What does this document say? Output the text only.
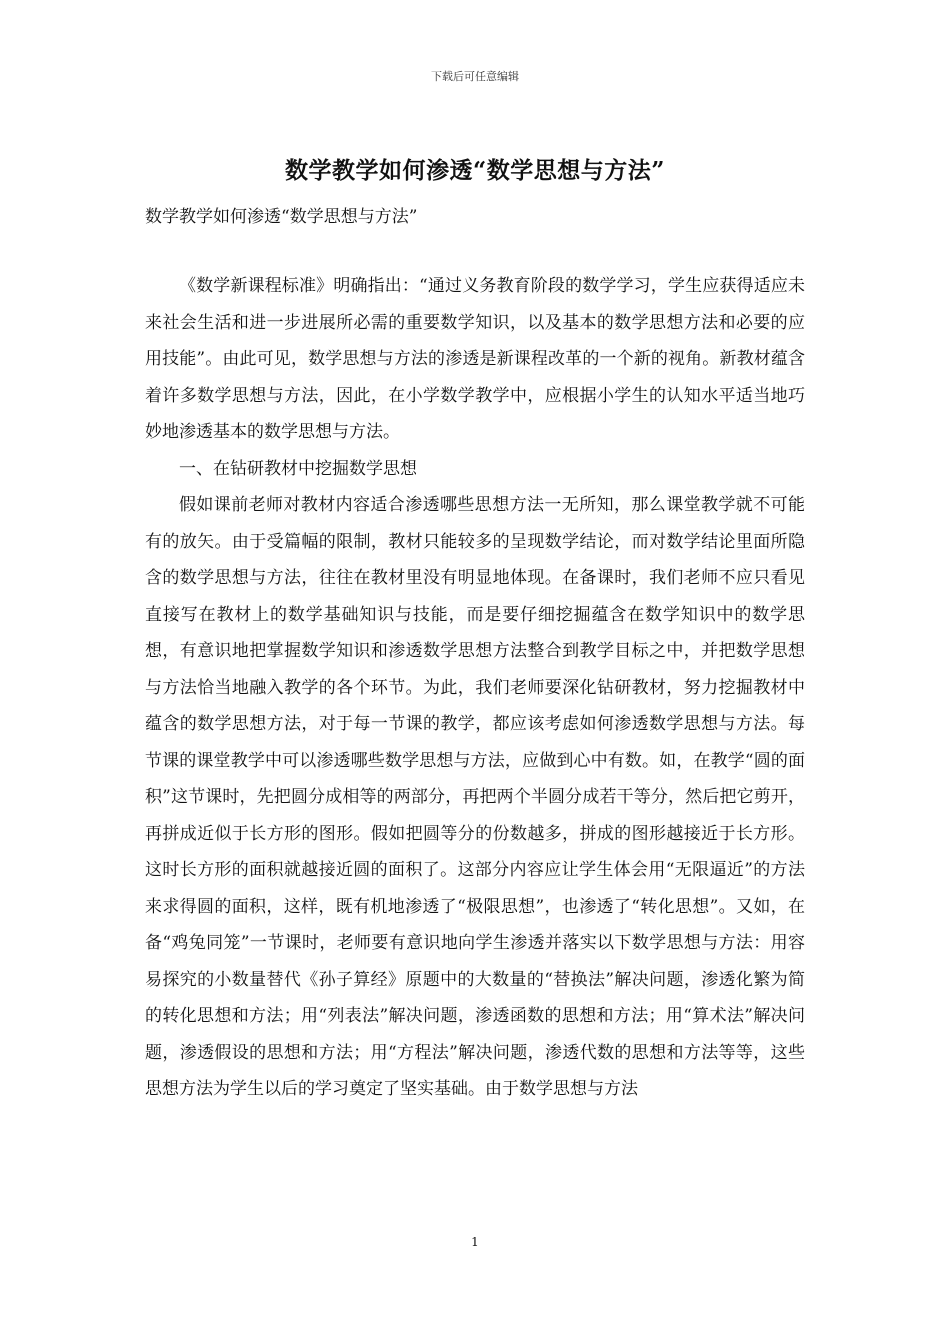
下载后可任意编辑
数学教学如何渗透“数学思想与方法”

数学教学如何渗透“数学思想与方法”

《数学新课程标准》明确指出：“通过义务教育阶段的数学学习，学生应获得适应未来社会生活和进一步进展所必需的重要数学知识，以及基本的数学思想方法和必要的应用技能”。由此可见，数学思想与方法的渗透是新课程改革的一个新的视角。新教材蕴含着许多数学思想与方法，因此，在小学数学教学中，应根据小学生的认知水平适当地巧妙地渗透基本的数学思想与方法。

一、在钻研教材中挖掘数学思想

假如课前老师对教材内容适合渗透哪些思想方法一无所知，那么课堂教学就不可能有的放矢。由于受篇幅的限制，教材只能较多的呈现数学结论，而对数学结论里面所隐含的数学思想与方法，往往在教材里没有明显地体现。在备课时，我们老师不应只看见直接写在教材上的数学基础知识与技能，而是要仔细挖掘蕴含在数学知识中的数学思想，有意识地把掌握数学知识和渗透数学思想方法整合到教学目标之中，并把数学思想与方法恰当地融入教学的各个环节。为此，我们老师要深化钻研教材，努力挖掘教材中蕴含的数学思想方法，对于每一节课的教学，都应该考虑如何渗透数学思想与方法。每节课的课堂教学中可以渗透哪些数学思想与方法，应做到心中有数。如，在教学“圆的面积”这节课时，先把圆分成相等的两部分，再把两个半圆分成若干等分，然后把它剪开，再拼成近似于长方形的图形。假如把圆等分的份数越多，拼成的图形越接近于长方形。这时长方形的面积就越接近圆的面积了。这部分内容应让学生体会用“无限逼近”的方法来求得圆的面积，这样，既有机地渗透了“极限思想”，也渗透了“转化思想”。又如，在备“鸡兔同笼”一节课时，老师要有意识地向学生渗透并落实以下数学思想与方法：用容易探究的小数量替代《孙子算经》原题中的大数量的“替换法”解决问题，渗透化繁为简的转化思想和方法；用“列表法”解决问题，渗透函数的思想和方法；用“算术法”解决问题，渗透假设的思想和方法；用“方程法”解决问题，渗透代数的思想和方法等等，这些思想方法为学生以后的学习奠定了坚实基础。由于数学思想与方法

1
